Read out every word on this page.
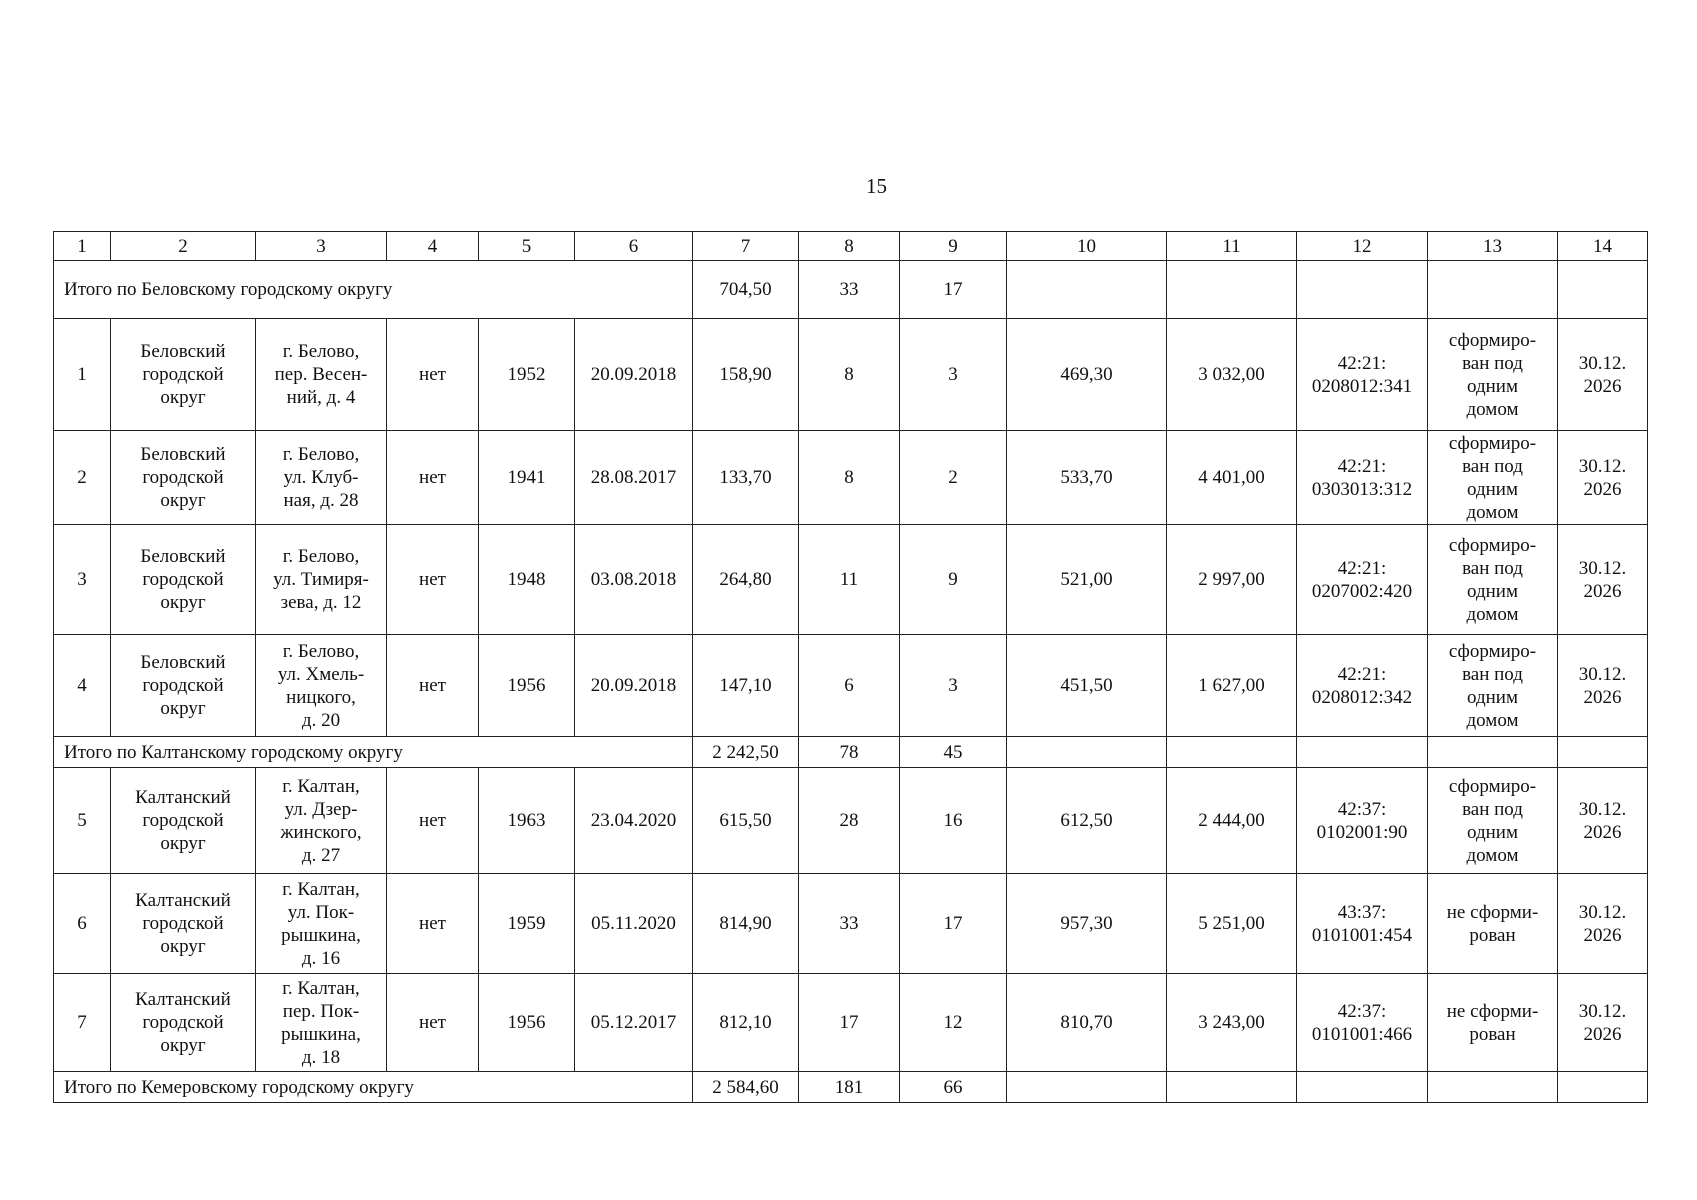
15
1	2	3	4	5	6	7	8	9	10	11	12	13	14
Итого по Беловскому городскому округу						704,50	33	17					
1	Беловский
городской
округ	г. Белово,
пер. Весен-
ний, д. 4	нет	1952	20.09.2018	158,90	8	3	469,30	3 032,00	42:21:
0208012:341	сформиро-
ван под
одним
домом	30.12.
2026
2	Беловский
городской
округ	г. Белово,
ул. Клуб-
ная, д. 28	нет	1941	28.08.2017	133,70	8	2	533,70	4 401,00	42:21:
0303013:312	сформиро-
ван под
одним
домом	30.12.
2026
3	Беловский
городской
округ	г. Белово,
ул. Тимиря-
зева, д. 12	нет	1948	03.08.2018	264,80	11	9	521,00	2 997,00	42:21:
0207002:420	сформиро-
ван под
одним
домом	30.12.
2026
4	Беловский
городской
округ	г. Белово,
ул. Хмель-
ницкого,
д. 20	нет	1956	20.09.2018	147,10	6	3	451,50	1 627,00	42:21:
0208012:342	сформиро-
ван под
одним
домом	30.12.
2026
Итого по Калтанскому городскому округу						2 242,50	78	45					
5	Калтанский
городской
округ	г. Калтан,
ул. Дзер-
жинского,
д. 27	нет	1963	23.04.2020	615,50	28	16	612,50	2 444,00	42:37:
0102001:90	сформиро-
ван под
одним
домом	30.12.
2026
6	Калтанский
городской
округ	г. Калтан,
ул. Пок-
рышкина,
д. 16	нет	1959	05.11.2020	814,90	33	17	957,30	5 251,00	43:37:
0101001:454	не сформи-
рован	30.12.
2026
7	Калтанский
городской
округ	г. Калтан,
пер. Пок-
рышкина,
д. 18	нет	1956	05.12.2017	812,10	17	12	810,70	3 243,00	42:37:
0101001:466	не сформи-
рован	30.12.
2026
Итого по Кемеровскому городскому округу						2 584,60	181	66					
